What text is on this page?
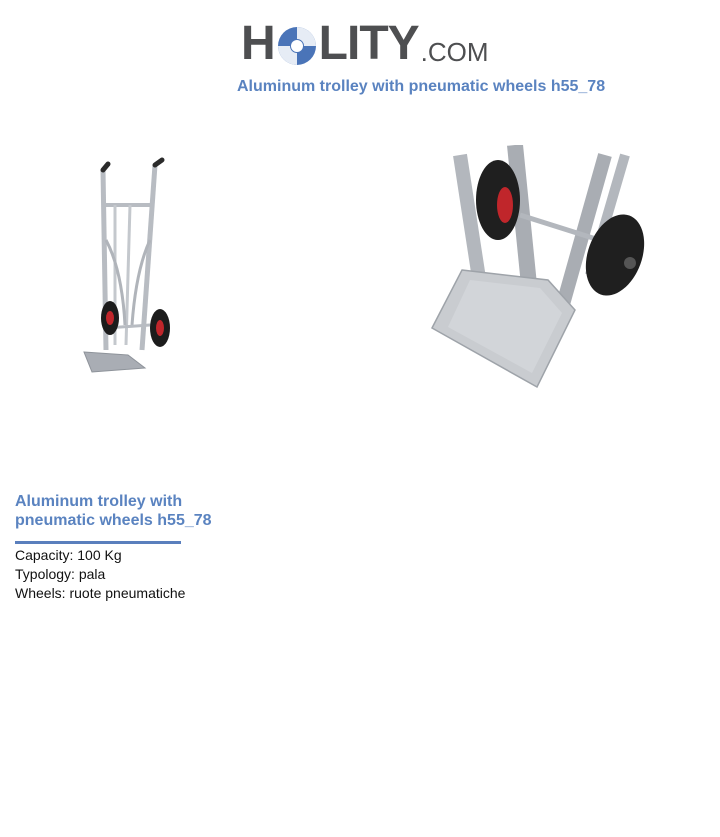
H LITY .COM
Aluminum trolley with pneumatic wheels h55_78
Aluminum trolley with pneumatic wheels h55_78
Capacity: 100 Kg
Typology: pala
Wheels: ruote pneumatiche
